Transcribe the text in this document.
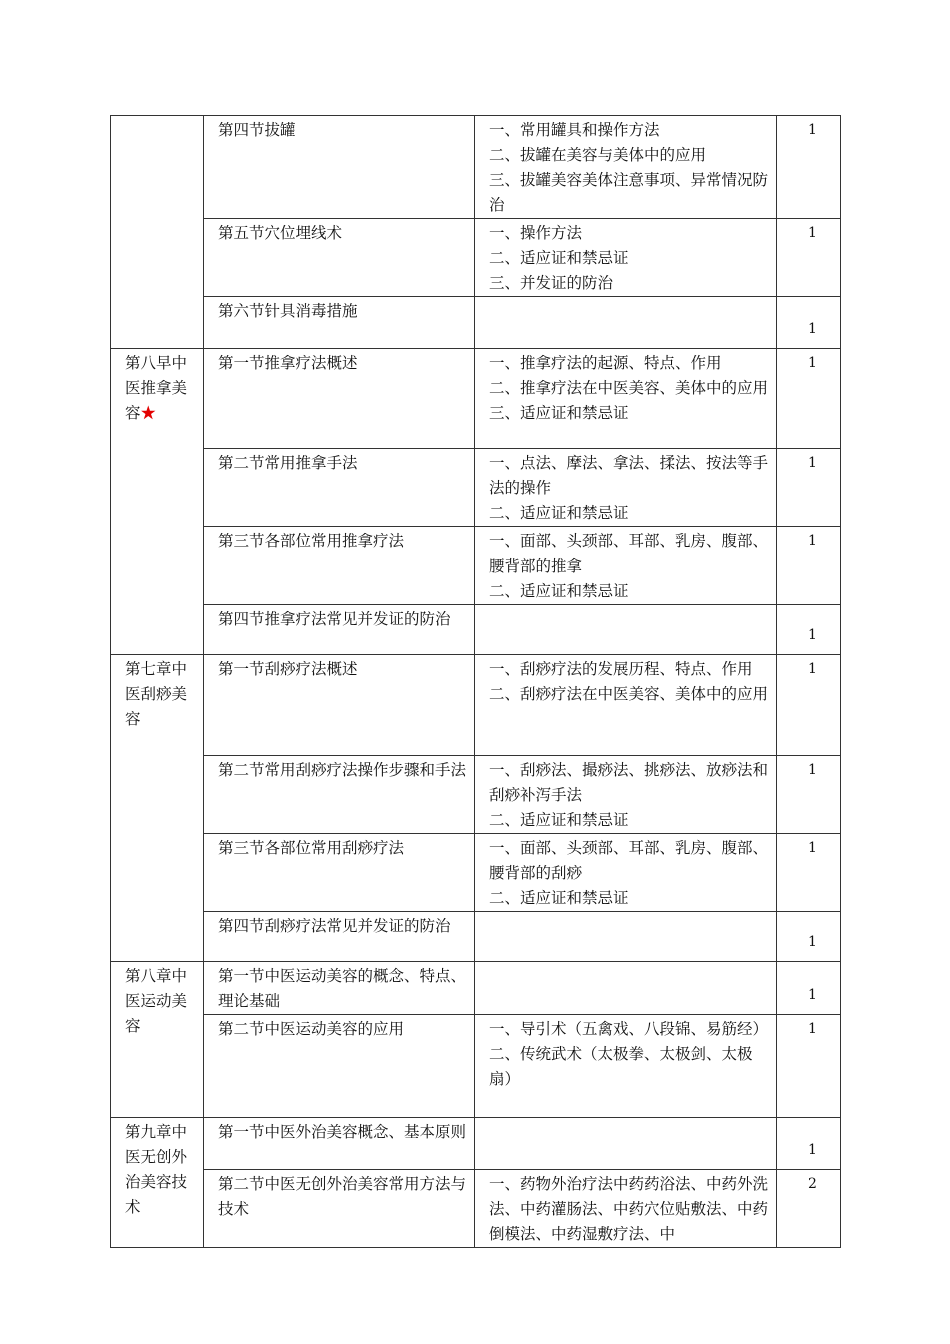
	第四节拔罐	一、常用罐具和操作方法
二、拔罐在美容与美体中的应用
三、拔罐美容美体注意事项、异常情况防治	1
	第五节穴位埋线术	一、操作方法
二、适应证和禁忌证
三、并发证的防治	1
	第六节针具消毒措施		1
第八早中医推拿美容★	第一节推拿疗法概述	一、推拿疗法的起源、特点、作用
二、推拿疗法在中医美容、美体中的应用
三、适应证和禁忌证	1
	第二节常用推拿手法	一、点法、摩法、拿法、揉法、按法等手法的操作
二、适应证和禁忌证	1
	第三节各部位常用推拿疗法	一、面部、头颈部、耳部、乳房、腹部、腰背部的推拿
二、适应证和禁忌证	1
	第四节推拿疗法常见并发证的防治		1
第七章中医刮痧美容	第一节刮痧疗法概述	一、刮痧疗法的发展历程、特点、作用
二、刮痧疗法在中医美容、美体中的应用	1
	第二节常用刮痧疗法操作步骤和手法	一、刮痧法、撮痧法、挑痧法、放痧法和刮痧补泻手法
二、适应证和禁忌证	1
	第三节各部位常用刮痧疗法	一、面部、头颈部、耳部、乳房、腹部、腰背部的刮痧
二、适应证和禁忌证	1
	第四节刮痧疗法常见并发证的防治		1
第八章中医运动美容	第一节中医运动美容的概念、特点、理论基础		1
	第二节中医运动美容的应用	一、导引术（五禽戏、八段锦、易筋经）
二、传统武术（太极拳、太极剑、太极扇）	1
第九章中医无创外治美容技术	第一节中医外治美容概念、基本原则		1
	第二节中医无创外治美容常用方法与技术	一、药物外治疗法中药药浴法、中药外洗法、中药灌肠法、中药穴位贴敷法、中药倒模法、中药湿敷疗法、中	2
